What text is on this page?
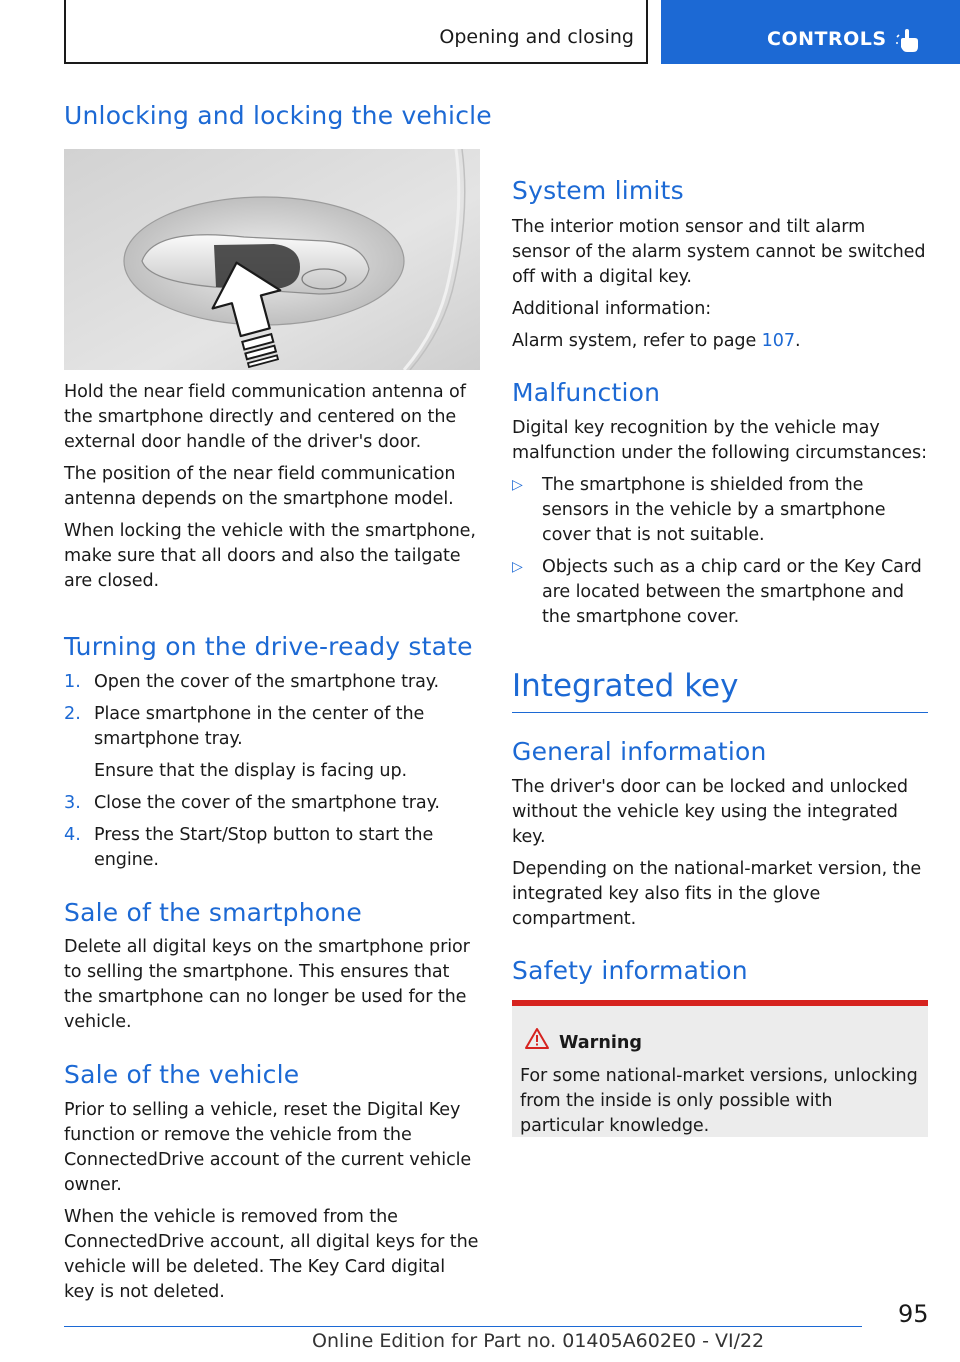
Opening and closing	CONTROLS
Unlocking and locking the vehicle

Hold the near field communication antenna of the smartphone directly and centered on the external door handle of the driver's door.

The position of the near field communication antenna depends on the smartphone model.

When locking the vehicle with the smartphone, make sure that all doors and also the tailgate are closed.

Turning on the drive-ready state
1. Open the cover of the smartphone tray.

2. Place smartphone in the center of the smartphone tray.

Ensure that the display is facing up.

3. Close the cover of the smartphone tray.

4. Press the Start/Stop button to start the engine.

Sale of the smartphone

Delete all digital keys on the smartphone prior to selling the smartphone. This ensures that the smartphone can no longer be used for the vehicle.

Sale of the vehicle

Prior to selling a vehicle, reset the Digital Key function or remove the vehicle from the ConnectedDrive account of the current vehicle owner.

When the vehicle is removed from the ConnectedDrive account, all digital keys for the vehicle will be deleted. The Key Card digital key is not deleted.

System limits

The interior motion sensor and tilt alarm sensor of the alarm system cannot be switched off with a digital key.

Additional information:

Alarm system, refer to page 107.

Malfunction

Digital key recognition by the vehicle may malfunction under the following circumstances:

▷ The smartphone is shielded from the sensors in the vehicle by a smartphone cover that is not suitable.

▷ Objects such as a chip card or the Key Card are located between the smartphone and the smartphone cover.

Integrated key
General information

The driver's door can be locked and unlocked without the vehicle key using the integrated key.

Depending on the national-market version, the integrated key also fits in the glove compartment.

Safety information
Warning

For some national-market versions, unlocking from the inside is only possible with particular knowledge.

95
Online Edition for Part no. 01405A602E0 - VI/22
